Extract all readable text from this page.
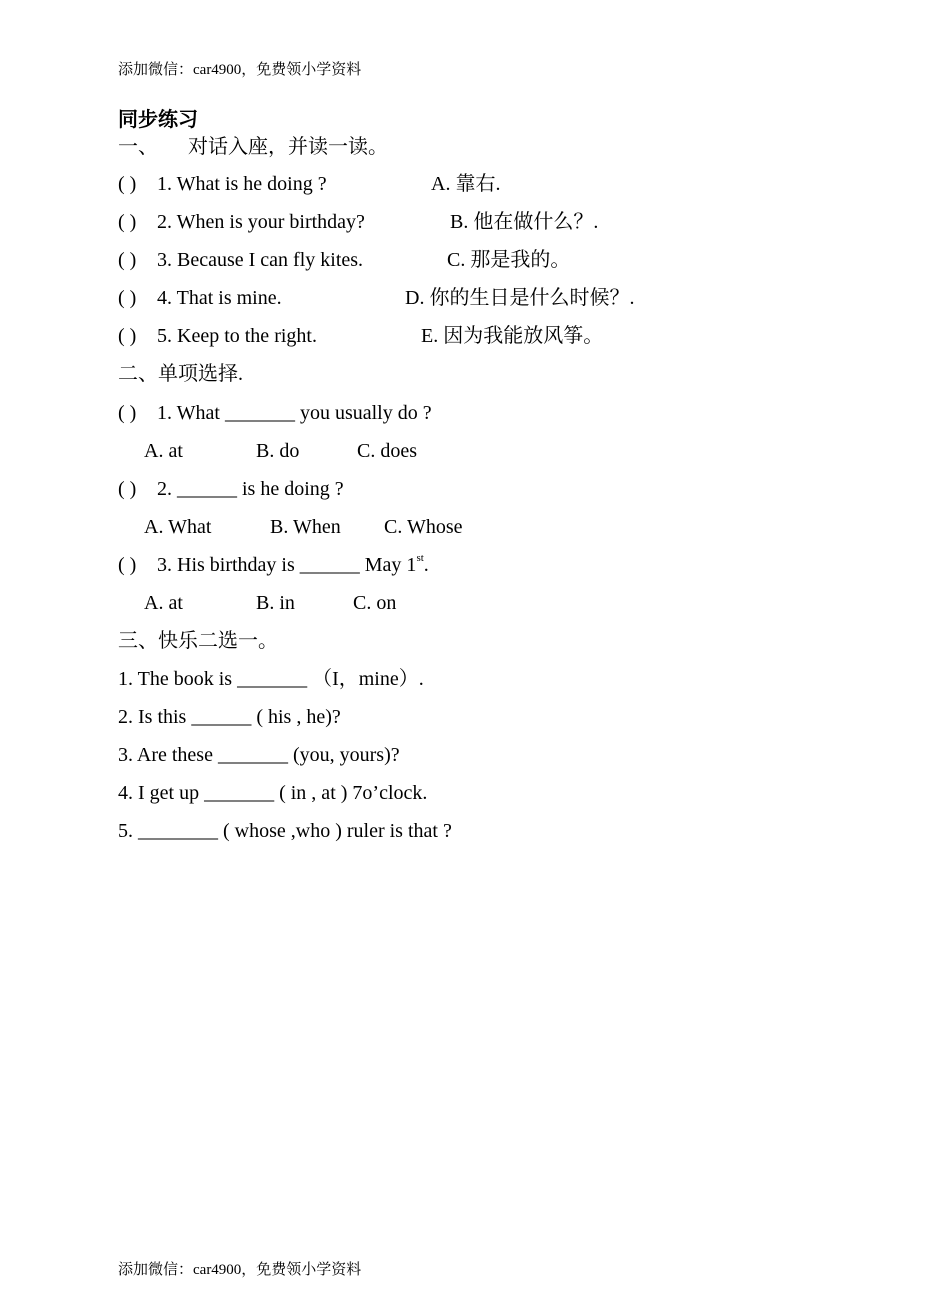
添加微信：car4900，免费领小学资料
同步练习
一、　　对话入座，并读一读。
( ) 1. What is he doing ?	A. 靠右.
( ) 2. When is your birthday?	B. 他在做什么？.
( ) 3. Because I can fly kites.	C. 那是我的。
( ) 4. That is mine.	D. 你的生日是什么时候？.
( ) 5. Keep to the right.	E. 因为我能放风筝。
二、单项选择.
( ) 1. What _______ you usually do ?
A. at	B. do	C. does
( ) 2. ______ is he doing ?
A. What	B. When C. Whose
( ) 3. His birthday is ______ May 1st.
A. at	B. in	C. on
三、快乐二选一。
1. The book is _______ （I，mine）.
2. Is this ______ ( his , he)?
3. Are these _______ (you, yours)?
4. I get up _______ ( in , at ) 7o’clock.
5. ________ ( whose ,who ) ruler is that ?
添加微信：car4900，免费领小学资料
